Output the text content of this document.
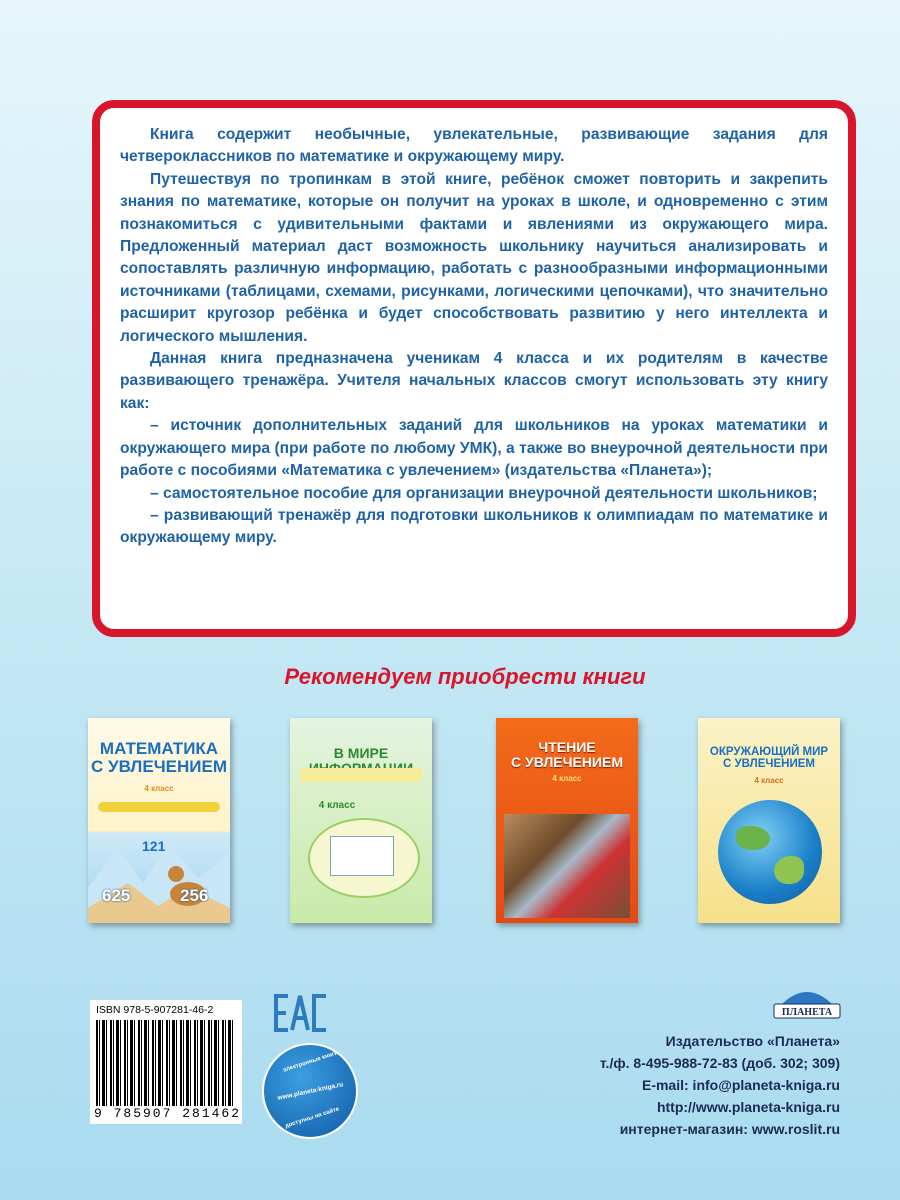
Книга содержит необычные, увлекательные, развивающие задания для четвероклассников по математике и окружающему миру.

Путешествуя по тропинкам в этой книге, ребёнок сможет повторить и закрепить знания по математике, которые он получит на уроках в школе, и одновременно с этим познакомиться с удивительными фактами и явлениями из окружающего мира. Предложенный материал даст возможность школьнику научиться анализировать и сопоставлять различную информацию, работать с разнообразными информационными источниками (таблицами, схемами, рисунками, логическими цепочками), что значительно расширит кругозор ребёнка и будет способствовать развитию у него интеллекта и логического мышления.

Данная книга предназначена ученикам 4 класса и их родителям в качестве развивающего тренажёра. Учителя начальных классов смогут использовать эту книгу как:

– источник дополнительных заданий для школьников на уроках математики и окружающего мира (при работе по любому УМК), а также во внеурочной деятельности при работе с пособиями «Математика с увлечением» (издательства «Планета»);

– самостоятельное пособие для организации внеурочной деятельности школьников;

– развивающий тренажёр для подготовки школьников к олимпиадам по математике и окружающему миру.

Рекомендуем приобрести книги
МАТЕМАТИКА
С УВЛЕЧЕНИЕМ
4 класс
121
625	256
В МИРЕ
4 класс
ЧТЕНИЕ
С УВЛЕЧЕНИЕМ
4 класс
ОКРУЖАЮЩИЙ МИР
С УВЛЕЧЕНИЕМ
4 класс
ISBN 978-5-907281-46-2
9 785907 281462
электронные книги
www.planeta-kniga.ru
доступны на сайте
ПЛАНЕТА
Издательство «Планета»
т./ф. 8-495-988-72-83 (доб. 302; 309)
E-mail: info@planeta-kniga.ru
http://www.planeta-kniga.ru
интернет-магазин: www.roslit.ru
